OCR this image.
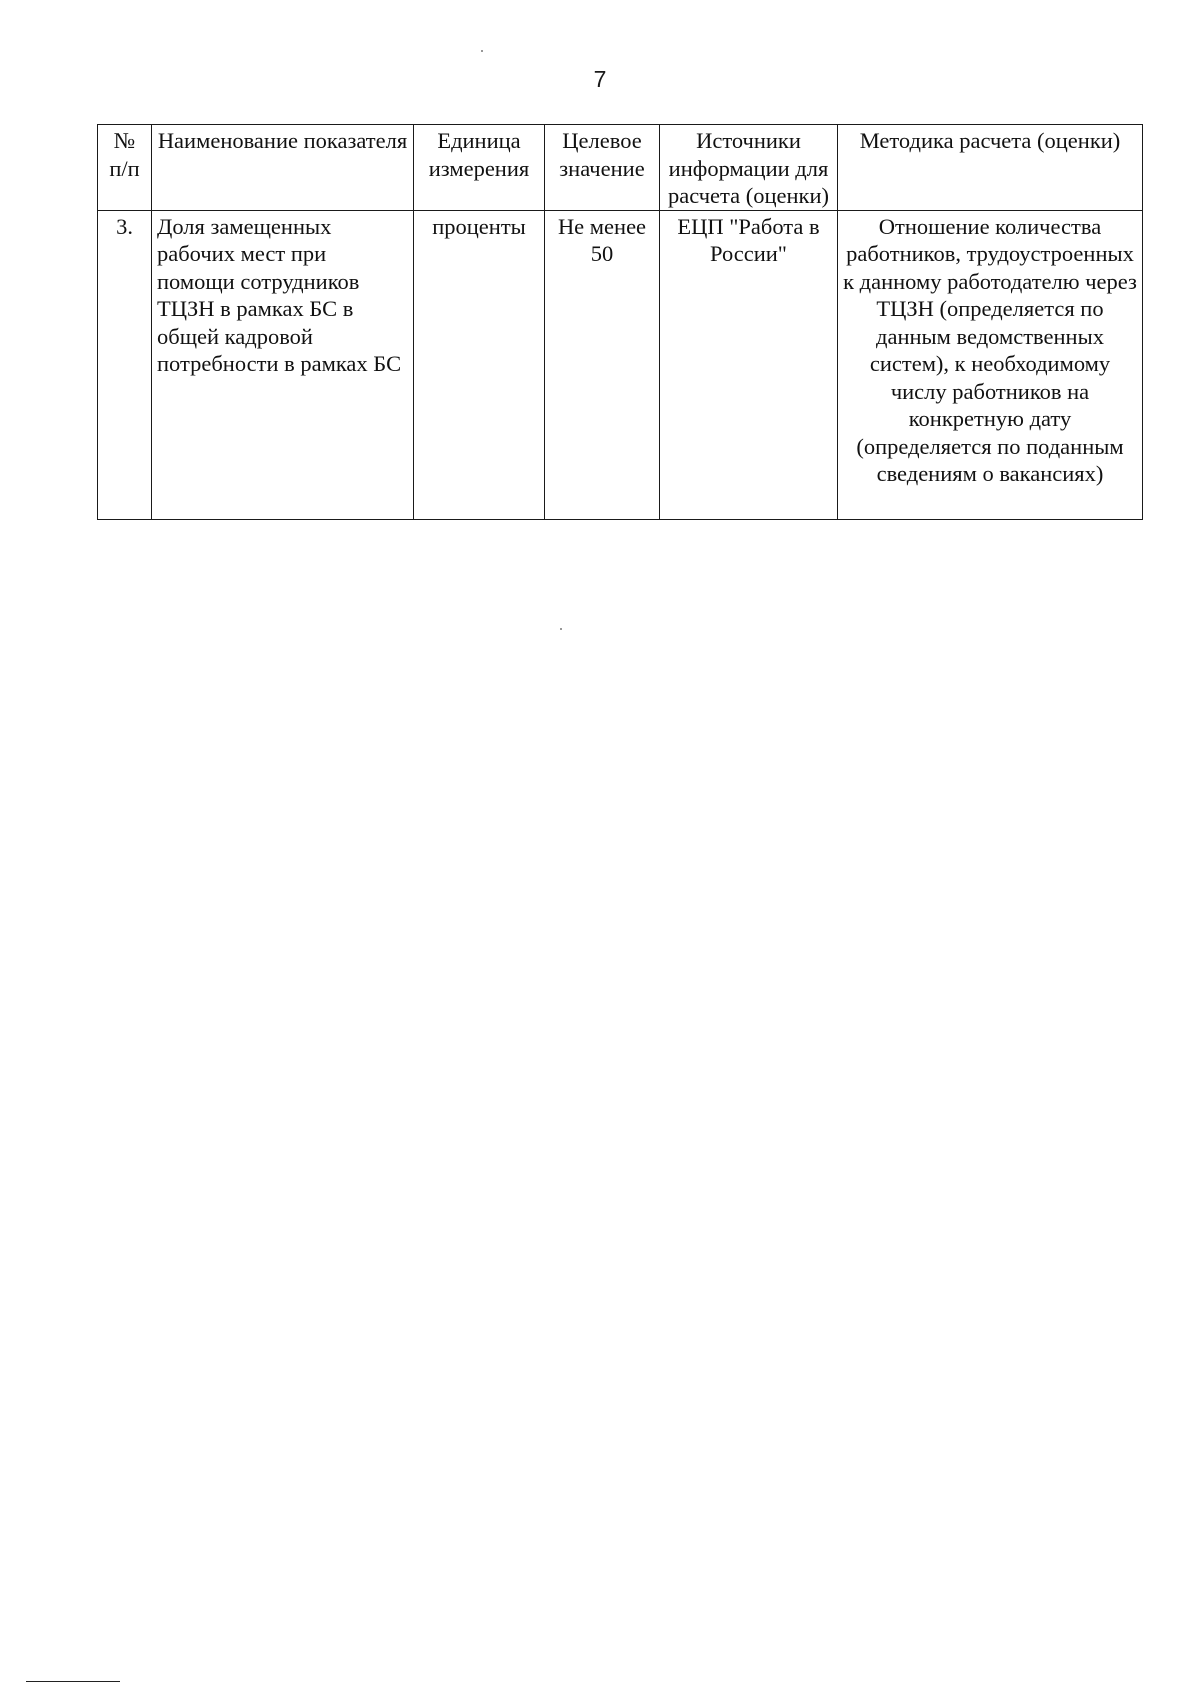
7
№ п/п	Наименование показателя	Единица измерения	Целевое значение	Источники информации для расчета (оценки)	Методика расчета (оценки)
3.	Доля замещенных рабочих мест при помощи сотрудников ТЦЗН в рамках БС в общей кадровой потребности в рамках БС	проценты	Не менее 50	ЕЦП "Работа в России"	Отношение количества работников, трудоустроенных к данному работодателю через ТЦЗН (определяется по данным ведомственных систем), к необходимому числу работников на конкретную дату (определяется по поданным сведениям о вакансиях)
